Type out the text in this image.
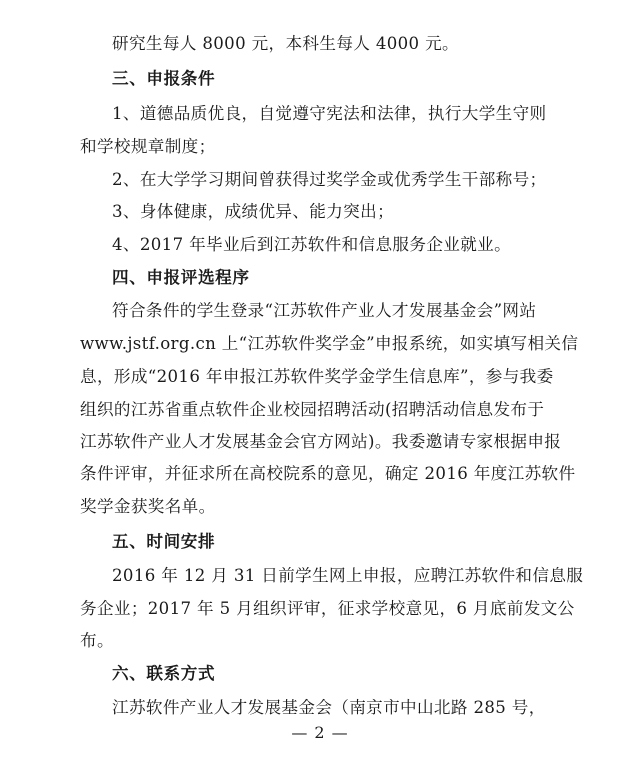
研究生每人 8000 元，本科生每人 4000 元。
三、申报条件
1、道德品质优良，自觉遵守宪法和法律，执行大学生守则
和学校规章制度；
2、在大学学习期间曾获得过奖学金或优秀学生干部称号；
3、身体健康，成绩优异、能力突出；
4、2017 年毕业后到江苏软件和信息服务企业就业。
四、申报评选程序
符合条件的学生登录“江苏软件产业人才发展基金会”网站
www.jstf.org.cn 上“江苏软件奖学金”申报系统，如实填写相关信
息，形成“2016 年申报江苏软件奖学金学生信息库”，参与我委
组织的江苏省重点软件企业校园招聘活动(招聘活动信息发布于
江苏软件产业人才发展基金会官方网站)。我委邀请专家根据申报
条件评审，并征求所在高校院系的意见，确定 2016 年度江苏软件
奖学金获奖名单。
五、时间安排
2016 年 12 月 31 日前学生网上申报，应聘江苏软件和信息服
务企业；2017 年 5 月组织评审，征求学校意见，6 月底前发文公
布。
六、联系方式
江苏软件产业人才发展基金会（南京市中山北路 285 号，
— 2 —
